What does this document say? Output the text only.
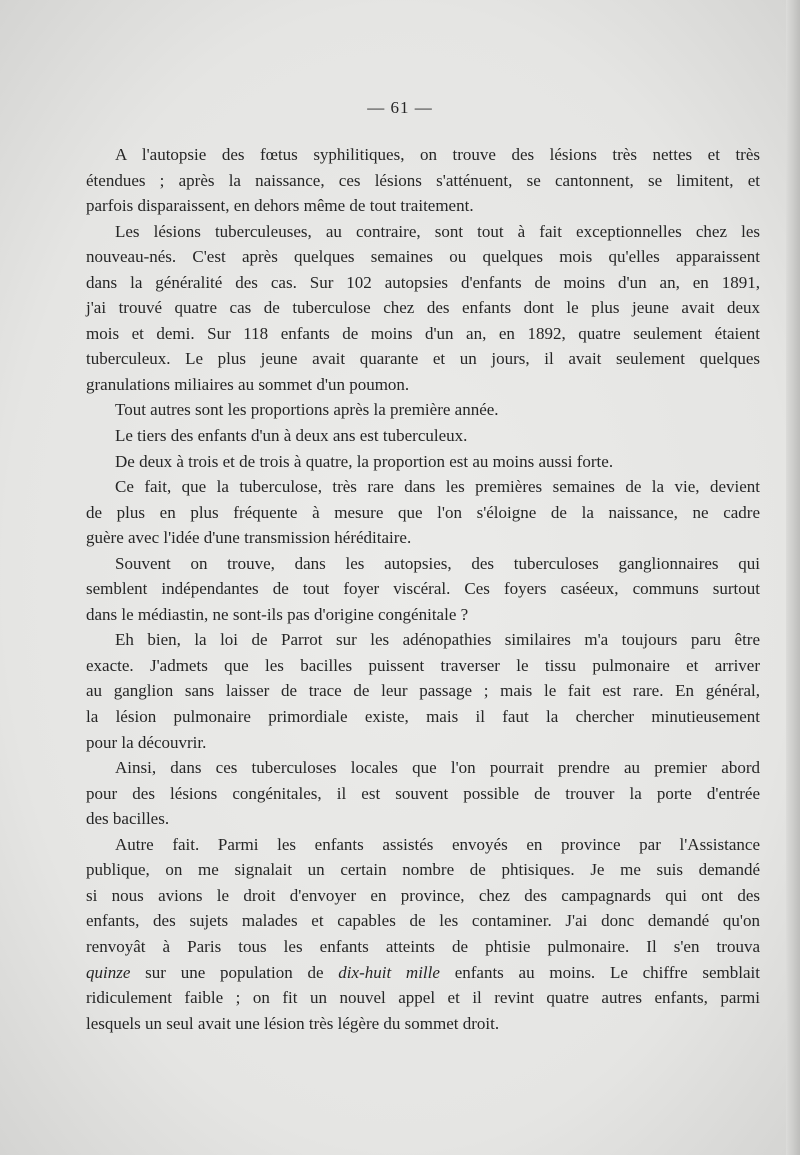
— 61 —
A l'autopsie des fœtus syphilitiques, on trouve des lésions très nettes et très
étendues ; après la naissance, ces lésions s'atténuent, se cantonnent, se limitent, et
parfois disparaissent, en dehors même de tout traitement.
Les lésions tuberculeuses, au contraire, sont tout à fait exceptionnelles chez les
nouveau-nés. C'est après quelques semaines ou quelques mois qu'elles apparaissent
dans la généralité des cas. Sur 102 autopsies d'enfants de moins d'un an, en 1891,
j'ai trouvé quatre cas de tuberculose chez des enfants dont le plus jeune avait deux
mois et demi. Sur 118 enfants de moins d'un an, en 1892, quatre seulement étaient
tuberculeux. Le plus jeune avait quarante et un jours, il avait seulement quelques
granulations miliaires au sommet d'un poumon.
Tout autres sont les proportions après la première année.
Le tiers des enfants d'un à deux ans est tuberculeux.
De deux à trois et de trois à quatre, la proportion est au moins aussi forte.
Ce fait, que la tuberculose, très rare dans les premières semaines de la vie, devient
de plus en plus fréquente à mesure que l'on s'éloigne de la naissance, ne cadre
guère avec l'idée d'une transmission héréditaire.
Souvent on trouve, dans les autopsies, des tuberculoses ganglionnaires qui
semblent indépendantes de tout foyer viscéral. Ces foyers caséeux, communs surtout
dans le médiastin, ne sont-ils pas d'origine congénitale ?
Eh bien, la loi de Parrot sur les adénopathies similaires m'a toujours paru être
exacte. J'admets que les bacilles puissent traverser le tissu pulmonaire et arriver
au ganglion sans laisser de trace de leur passage ; mais le fait est rare. En général,
la lésion pulmonaire primordiale existe, mais il faut la chercher minutieusement
pour la découvrir.
Ainsi, dans ces tuberculoses locales que l'on pourrait prendre au premier abord
pour des lésions congénitales, il est souvent possible de trouver la porte d'entrée
des bacilles.
Autre fait. Parmi les enfants assistés envoyés en province par l'Assistance
publique, on me signalait un certain nombre de phtisiques. Je me suis demandé
si nous avions le droit d'envoyer en province, chez des campagnards qui ont des
enfants, des sujets malades et capables de les contaminer. J'ai donc demandé qu'on
renvoyât à Paris tous les enfants atteints de phtisie pulmonaire. Il s'en trouva
quinze sur une population de dix-huit mille enfants au moins. Le chiffre semblait
ridiculement faible ; on fit un nouvel appel et il revint quatre autres enfants, parmi
lesquels un seul avait une lésion très légère du sommet droit.
